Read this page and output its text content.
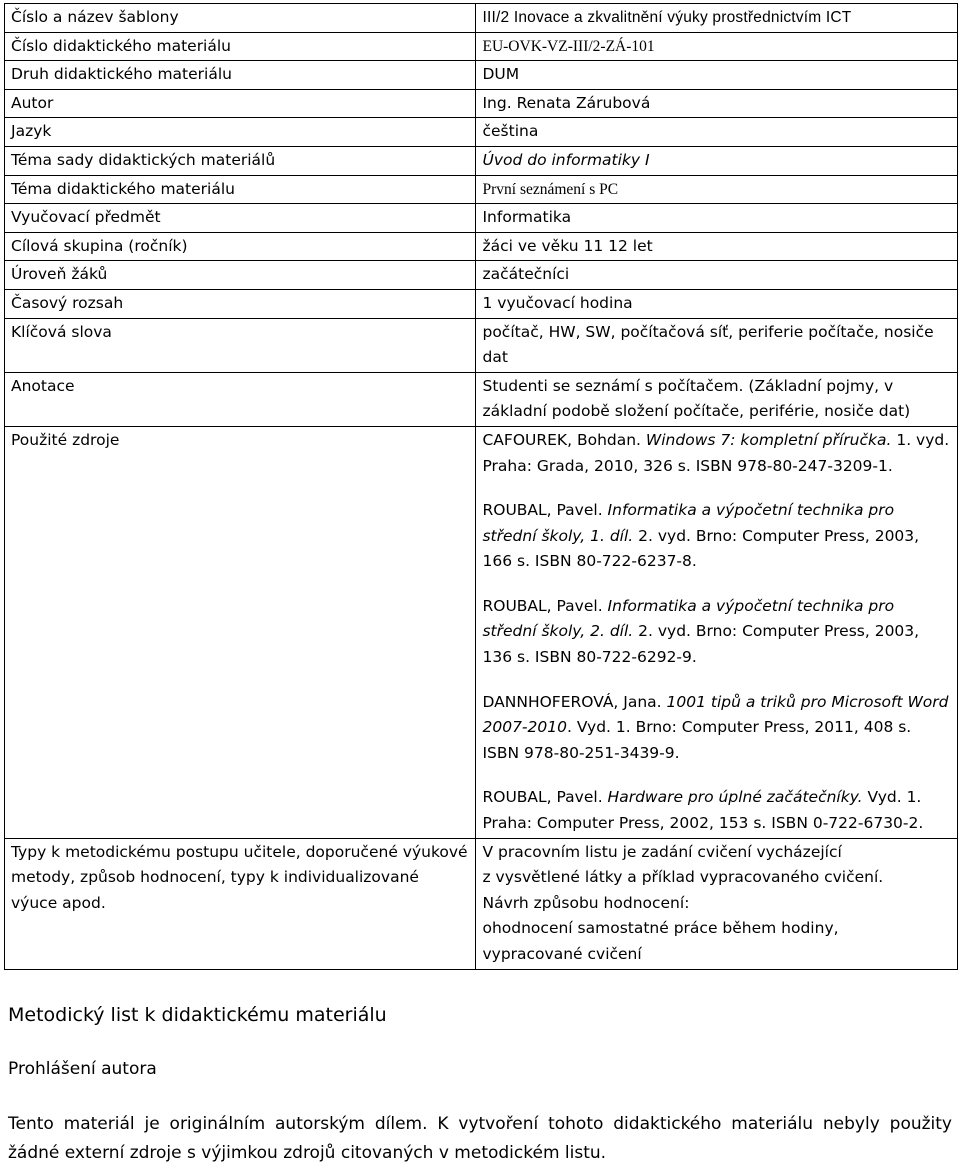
Číslo a název šablony	III/2 Inovace a zkvalitnění výuky prostřednictvím ICT
Číslo didaktického materiálu	EU-OVK-VZ-III/2-ZÁ-101
Druh didaktického materiálu	DUM
Autor	Ing. Renata Zárubová
Jazyk	čeština
Téma sady didaktických materiálů	Úvod do informatiky I
Téma didaktického materiálu	První seznámení s PC
Vyučovací předmět	Informatika
Cílová skupina (ročník)	žáci ve věku 11 12 let
Úroveň žáků	začátečníci
Časový rozsah	1 vyučovací hodina
Klíčová slova	počítač, HW, SW, počítačová síť, periferie počítače, nosiče dat
Anotace	Studenti se seznámí s počítačem. (Základní pojmy, v základní podobě složení počítače, periférie, nosiče dat)
Použité zdroje	CAFOUREK, Bohdan. Windows 7: kompletní příručka. 1. vyd. Praha: Grada, 2010, 326 s. ISBN 978-80-247-3209-1.
ROUBAL, Pavel. Informatika a výpočetní technika pro střední školy, 1. díl. 2. vyd. Brno: Computer Press, 2003, 166 s. ISBN 80-722-6237-8.
ROUBAL, Pavel. Informatika a výpočetní technika pro střední školy, 2. díl. 2. vyd. Brno: Computer Press, 2003, 136 s. ISBN 80-722-6292-9.
DANNHOFEROVÁ, Jana. 1001 tipů a triků pro Microsoft Word 2007-2010. Vyd. 1. Brno: Computer Press, 2011, 408 s. ISBN 978-80-251-3439-9.
ROUBAL, Pavel. Hardware pro úplné začátečníky. Vyd. 1. Praha: Computer Press, 2002, 153 s. ISBN 0-722-6730-2.

Typy k metodickému postupu učitele, doporučené výukové metody, způsob hodnocení, typy k individualizované výuce apod.	V pracovním listu je zadání cvičení vycházející
z vysvětlené látky a příklad vypracovaného cvičení.
Návrh způsobu hodnocení:
ohodnocení samostatné práce během hodiny,
vypracované cvičení
Metodický list k didaktickému materiálu
Prohlášení autora
Tento materiál je originálním autorským dílem. K vytvoření tohoto didaktického materiálu nebyly použity žádné externí zdroje s výjimkou zdrojů citovaných v metodickém listu.
